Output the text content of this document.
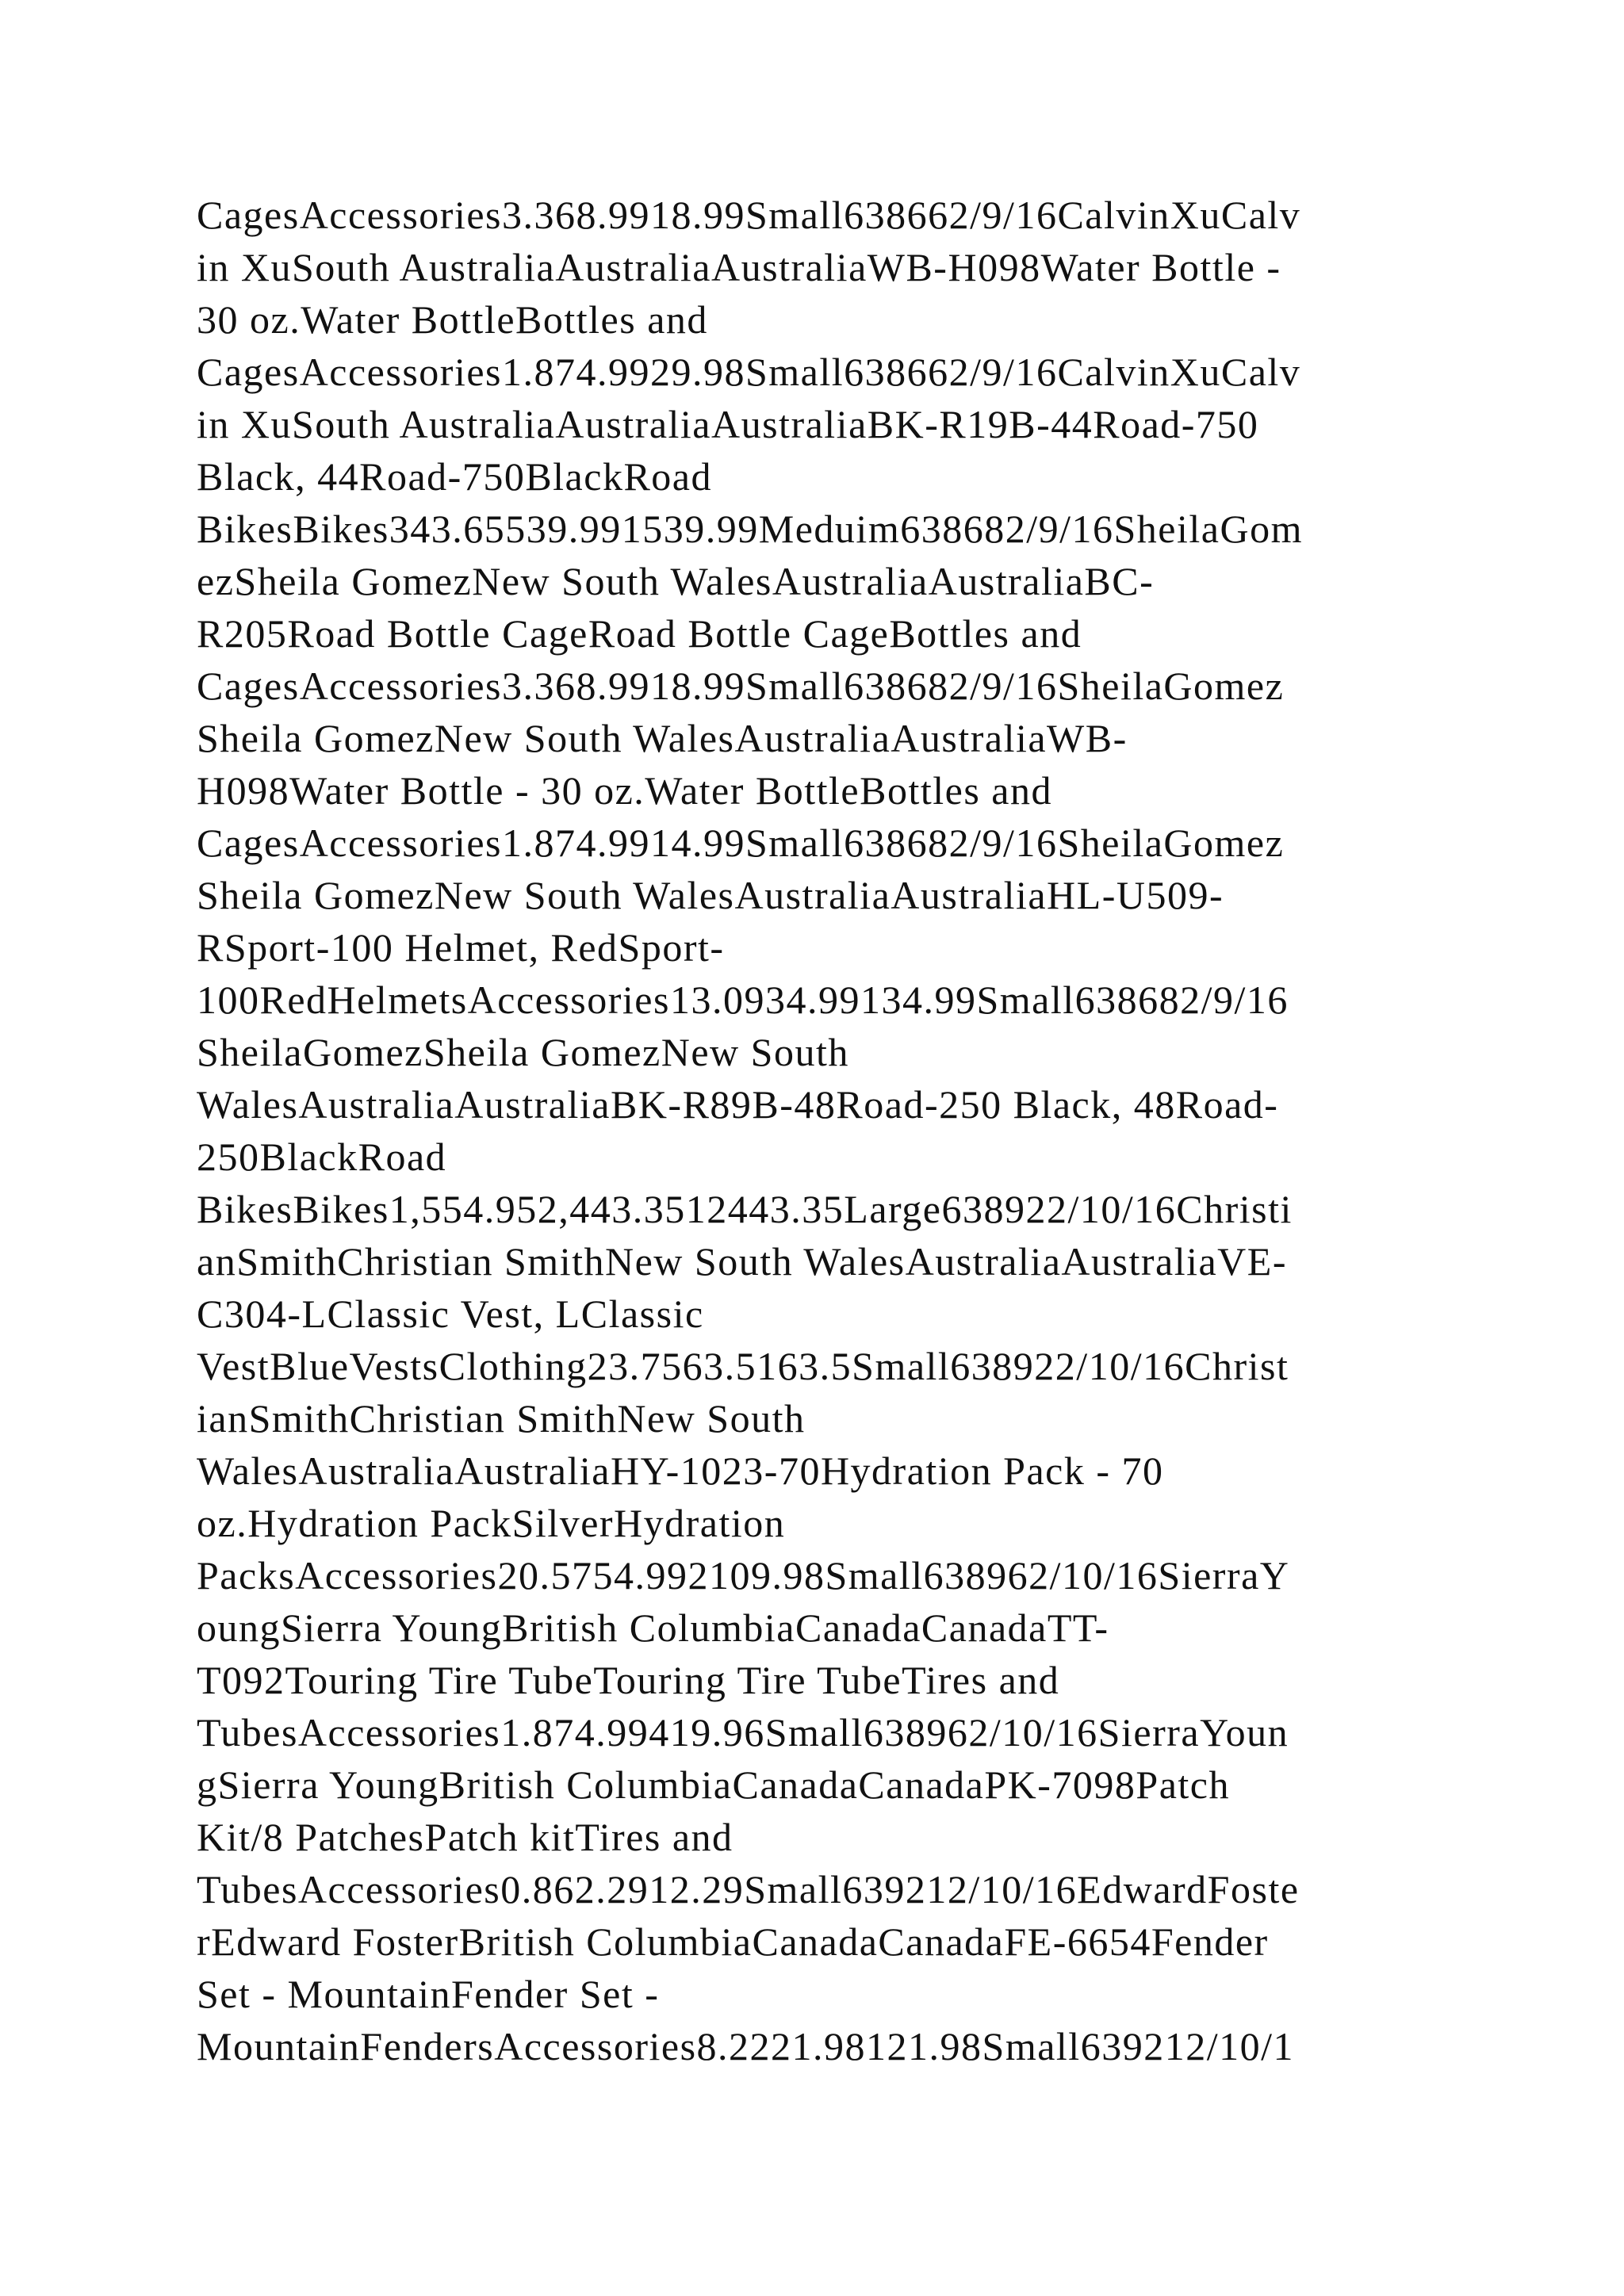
CagesAccessories3.368.9918.99Small638662/9/16CalvinXuCalv
in XuSouth AustraliaAustraliaAustraliaWB-H098Water Bottle -
30 oz.Water BottleBottles and
CagesAccessories1.874.9929.98Small638662/9/16CalvinXuCalv
in XuSouth AustraliaAustraliaAustraliaBK-R19B-44Road-750
Black, 44Road-750BlackRoad
BikesBikes343.65539.991539.99Meduim638682/9/16SheilaGom
ezSheila GomezNew South WalesAustraliaAustraliaBC-
R205Road Bottle CageRoad Bottle CageBottles and
CagesAccessories3.368.9918.99Small638682/9/16SheilaGomez
Sheila GomezNew South WalesAustraliaAustraliaWB-
H098Water Bottle - 30 oz.Water BottleBottles and
CagesAccessories1.874.9914.99Small638682/9/16SheilaGomez
Sheila GomezNew South WalesAustraliaAustraliaHL-U509-
RSport-100 Helmet, RedSport-
100RedHelmetsAccessories13.0934.99134.99Small638682/9/16
SheilaGomezSheila GomezNew South
WalesAustraliaAustraliaBK-R89B-48Road-250 Black, 48Road-
250BlackRoad
BikesBikes1,554.952,443.3512443.35Large638922/10/16Christi
anSmithChristian SmithNew South WalesAustraliaAustraliaVE-
C304-LClassic Vest, LClassic
VestBlueVestsClothing23.7563.5163.5Small638922/10/16Christ
ianSmithChristian SmithNew South
WalesAustraliaAustraliaHY-1023-70Hydration Pack - 70
oz.Hydration PackSilverHydration
PacksAccessories20.5754.992109.98Small638962/10/16SierraY
oungSierra YoungBritish ColumbiaCanadaCanadaTT-
T092Touring Tire TubeTouring Tire TubeTires and
TubesAccessories1.874.99419.96Small638962/10/16SierraYoun
gSierra YoungBritish ColumbiaCanadaCanadaPK-7098Patch
Kit/8 PatchesPatch kitTires and
TubesAccessories0.862.2912.29Small639212/10/16EdwardFoste
rEdward FosterBritish ColumbiaCanadaCanadaFE-6654Fender
Set - MountainFender Set -
MountainFendersAccessories8.2221.98121.98Small639212/10/1
